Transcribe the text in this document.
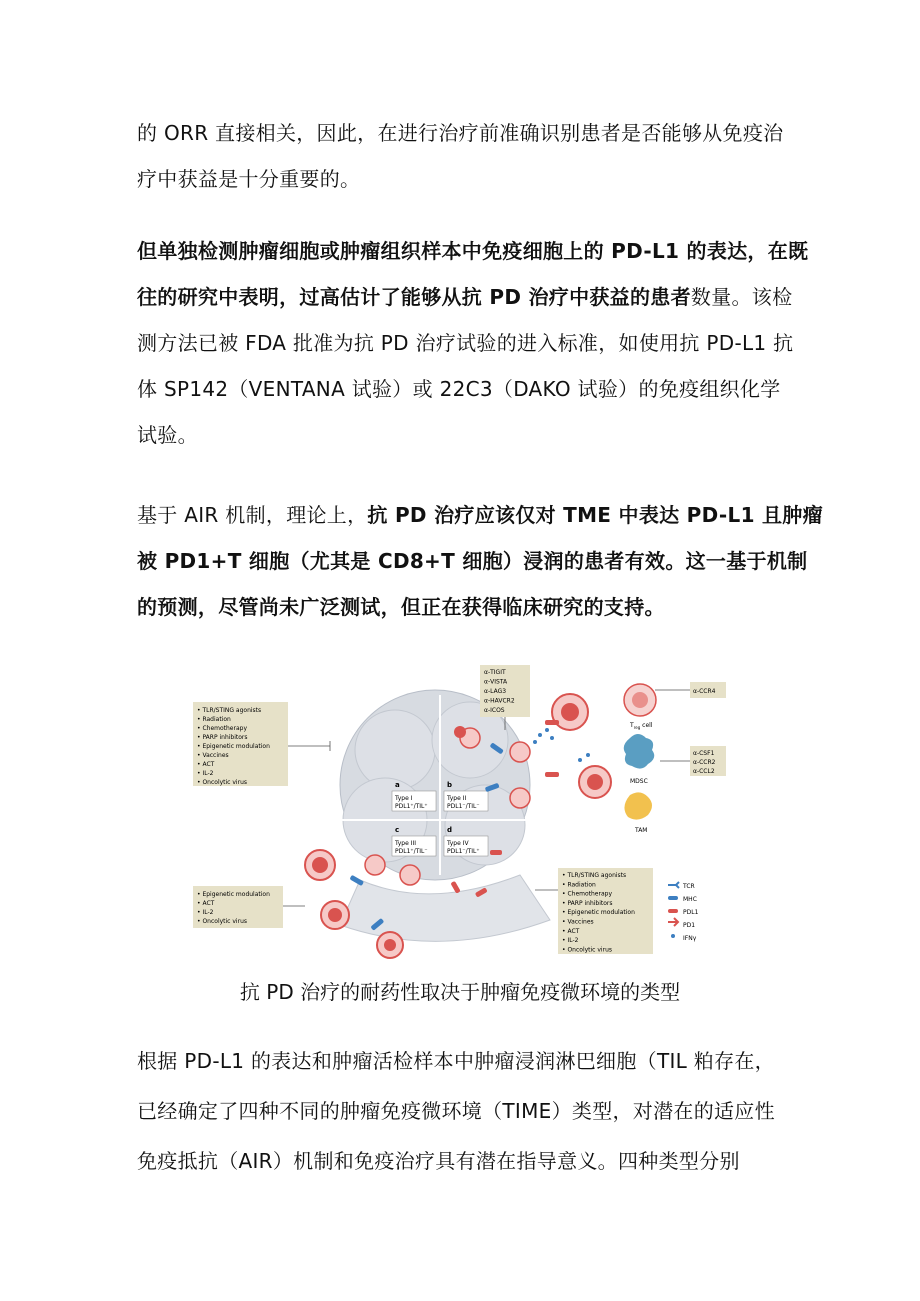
的 ORR 直接相关，因此，在进行治疗前准确识别患者是否能够从免疫治
疗中获益是十分重要的。
但单独检测肿瘤细胞或肿瘤组织样本中免疫细胞上的 PD-L1 的表达，在既
往的研究中表明，过高估计了能够从抗 PD 治疗中获益的患者数量。该检
测方法已被 FDA 批准为抗 PD 治疗试验的进入标准，如使用抗 PD-L1 抗
体 SP142（VENTANA 试验）或 22C3（DAKO 试验）的免疫组织化学
试验。
基于 AIR 机制，理论上，抗 PD 治疗应该仅对 TME 中表达 PD-L1 且肿瘤
被 PD1+T 细胞（尤其是 CD8+T 细胞）浸润的患者有效。这一基于机制
的预测，尽管尚未广泛测试，但正在获得临床研究的支持。
a
Type I
PDL1⁺/TIL⁺
b
Type II
PDL1⁻/TIL⁻
c
Type III
PDL1⁺/TIL⁻
d
Type IV
PDL1⁻/TIL⁺
• TLR/STING agonists
• Radiation
• Chemotherapy
• PARP inhibitors
• Epigenetic modulation
• Vaccines
• ACT
• IL-2
• Oncolytic virus
α-TIGIT
α-VISTA
α-LAG3
α-HAVCR2
α-ICOS
α-CCR4
α-CSF1
α-CCR2
α-CCL2
• Epigenetic modulation
• ACT
• IL-2
• Oncolytic virus
• TLR/STING agonists
• Radiation
• Chemotherapy
• PARP inhibitors
• Epigenetic modulation
• Vaccines
• ACT
• IL-2
• Oncolytic virus
$T_{reg}$ cell
MDSC
TAM
TCR
MHC
PDL1
PD1
IFNγ
抗 PD 治疗的耐药性取决于肿瘤免疫微环境的类型
根据 PD-L1 的表达和肿瘤活检样本中肿瘤浸润淋巴细胞（TIL 粕存在，
已经确定了四种不同的肿瘤免疫微环境（TIME）类型，对潜在的适应性
免疫抵抗（AIR）机制和免疫治疗具有潜在指导意义。四种类型分别
